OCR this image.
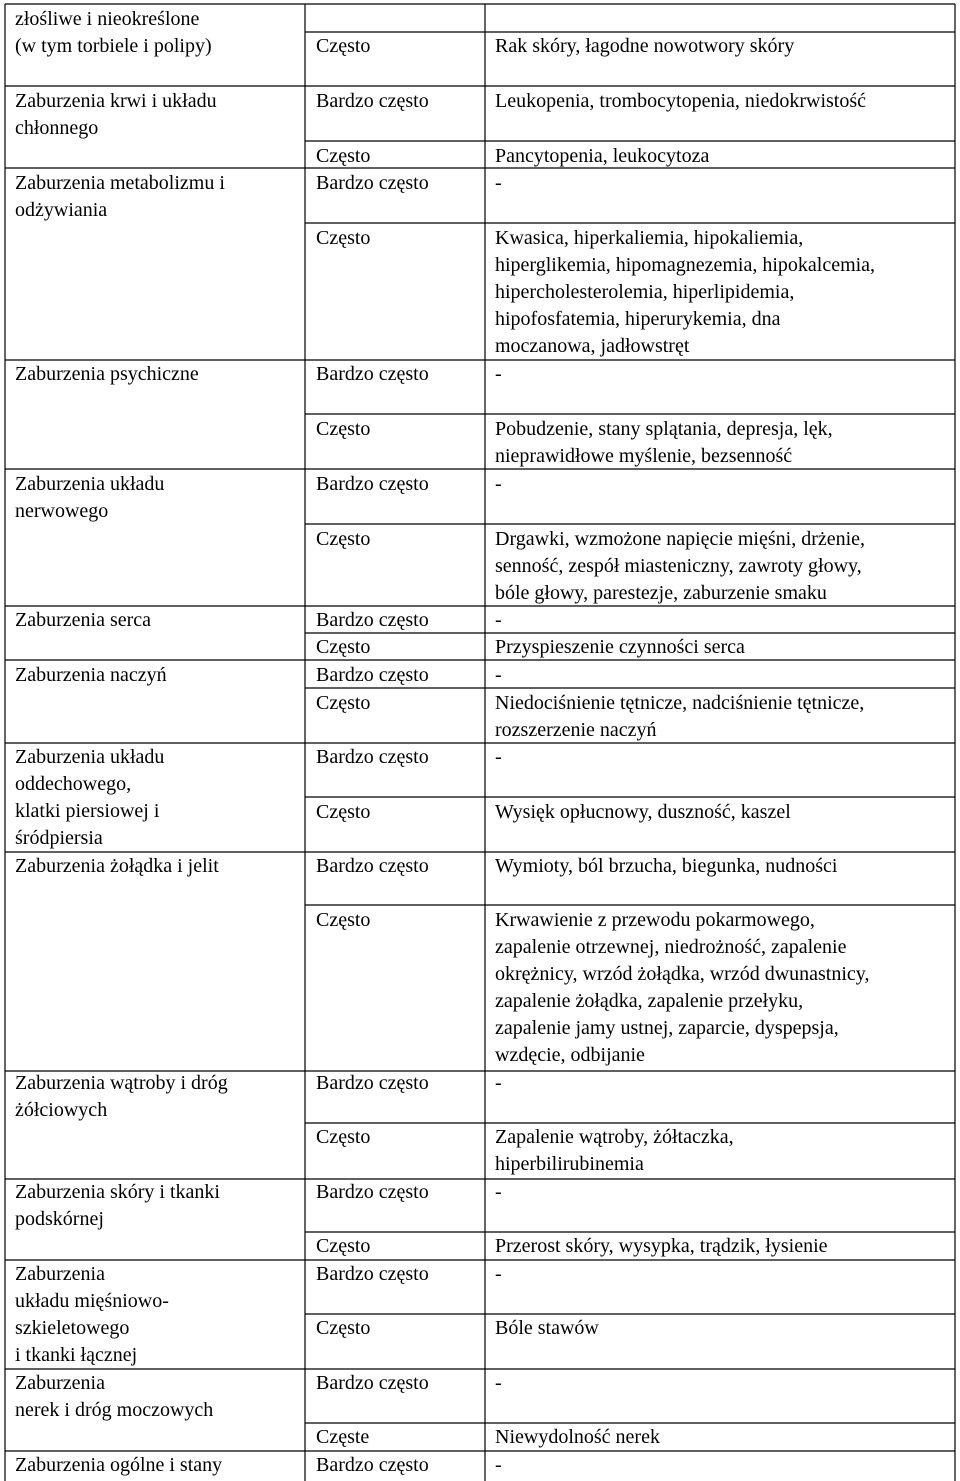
złośliwe i nieokreślone
(w tym torbiele i polipy)	Często	Rak skóry, łagodne nowotwory skóry
Zaburzenia krwi i układu
chłonnego
Bardzo często	Leukopenia, trombocytopenia, niedokrwistość
Często	Pancytopenia, leukocytoza
Zaburzenia metabolizmu i
odżywiania
Bardzo często	-
Często	Kwasica, hiperkaliemia, hipokaliemia,
hiperglikemia, hipomagnezemia, hipokalcemia,
hipercholesterolemia, hiperlipidemia,
hipofosfatemia, hiperurykemia, dna
moczanowa, jadłowstręt
Zaburzenia psychiczne	Bardzo często	-
Często	Pobudzenie, stany splątania, depresja, lęk,
nieprawidłowe myślenie, bezsenność
Zaburzenia układu
nerwowego
Bardzo często	-
Często	Drgawki, wzmożone napięcie mięśni, drżenie,
senność, zespół miasteniczny, zawroty głowy,
bóle głowy, parestezje, zaburzenie smaku
Zaburzenia serca	Bardzo często	-
Często	Przyspieszenie czynności serca
Zaburzenia naczyń	Bardzo często	-
Często	Niedociśnienie tętnicze, nadciśnienie tętnicze,
rozszerzenie naczyń
Zaburzenia układu
oddechowego,
klatki piersiowej i
śródpiersia
Bardzo często	-
Często	Wysięk opłucnowy, duszność, kaszel
Zaburzenia żołądka i jelit	Bardzo często	Wymioty, ból brzucha, biegunka, nudności
Często	Krwawienie z przewodu pokarmowego,
zapalenie otrzewnej, niedrożność, zapalenie
okrężnicy, wrzód żołądka, wrzód dwunastnicy,
zapalenie żołądka, zapalenie przełyku,
zapalenie jamy ustnej, zaparcie, dyspepsja,
wzdęcie, odbijanie
Zaburzenia wątroby i dróg
żółciowych
Bardzo często	-
Często	Zapalenie wątroby, żółtaczka,
hiperbilirubinemia
Zaburzenia skóry i tkanki
podskórnej
Bardzo często	-
Często	Przerost skóry, wysypka, trądzik, łysienie
Zaburzenia
układu mięśniowo-
szkieletowego
i tkanki łącznej
Bardzo często	-
Często	Bóle stawów
Zaburzenia
nerek i dróg moczowych
Bardzo często	-
Częste	Niewydolność nerek
Zaburzenia ogólne i stany	Bardzo często	-
